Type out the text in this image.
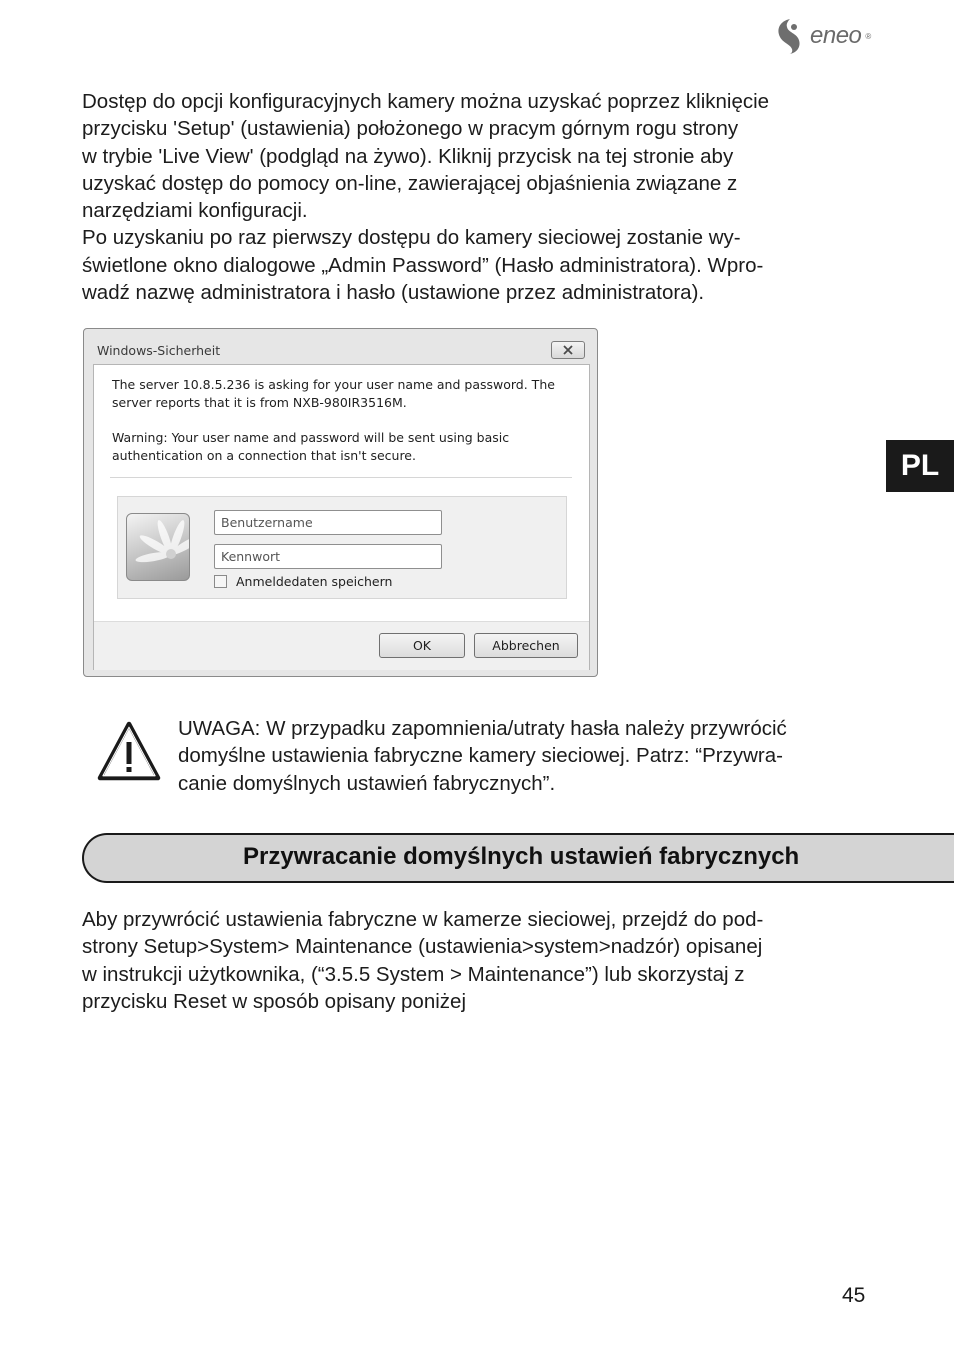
eneo ®

Dostęp do opcji konfiguracyjnych kamery można uzyskać poprzez kliknięcie
przycisku 'Setup' (ustawienia) położonego w pracym górnym rogu strony
w trybie 'Live View' (podgląd na żywo). Kliknij przycisk na tej stronie aby
uzyskać dostęp do pomocy on-line, zawierającej objaśnienia związane z
narzędziami konfiguracji.
Po uzyskaniu po raz pierwszy dostępu do kamery sieciowej zostanie wy-
świetlone okno dialogowe „Admin Password” (Hasło administratora). Wpro-
wadź nazwę administratora i hasło (ustawione przez administratora).

PL
Windows-Sicherheit
The server 10.8.5.236 is asking for your user name and password. The
server reports that it is from NXB-980IR3516M.
Warning: Your user name and password will be sent using basic
authentication on a connection that isn't secure.
Benutzername
Anmeldedaten speichern
OK	Abbrechen

UWAGA: W przypadku zapomnienia/utraty hasła należy przywrócić
domyślne ustawienia fabryczne kamery sieciowej. Patrz: “Przywra-
canie domyślnych ustawień fabrycznych”.

Przywracanie domyślnych ustawień fabrycznych

Aby przywrócić ustawienia fabryczne w kamerze sieciowej, przejdź do pod-
strony Setup>System> Maintenance (ustawienia>system>nadzór) opisanej
w instrukcji użytkownika, (“3.5.5 System > Maintenance”) lub skorzystaj z
przycisku Reset w sposób opisany poniżej

45
